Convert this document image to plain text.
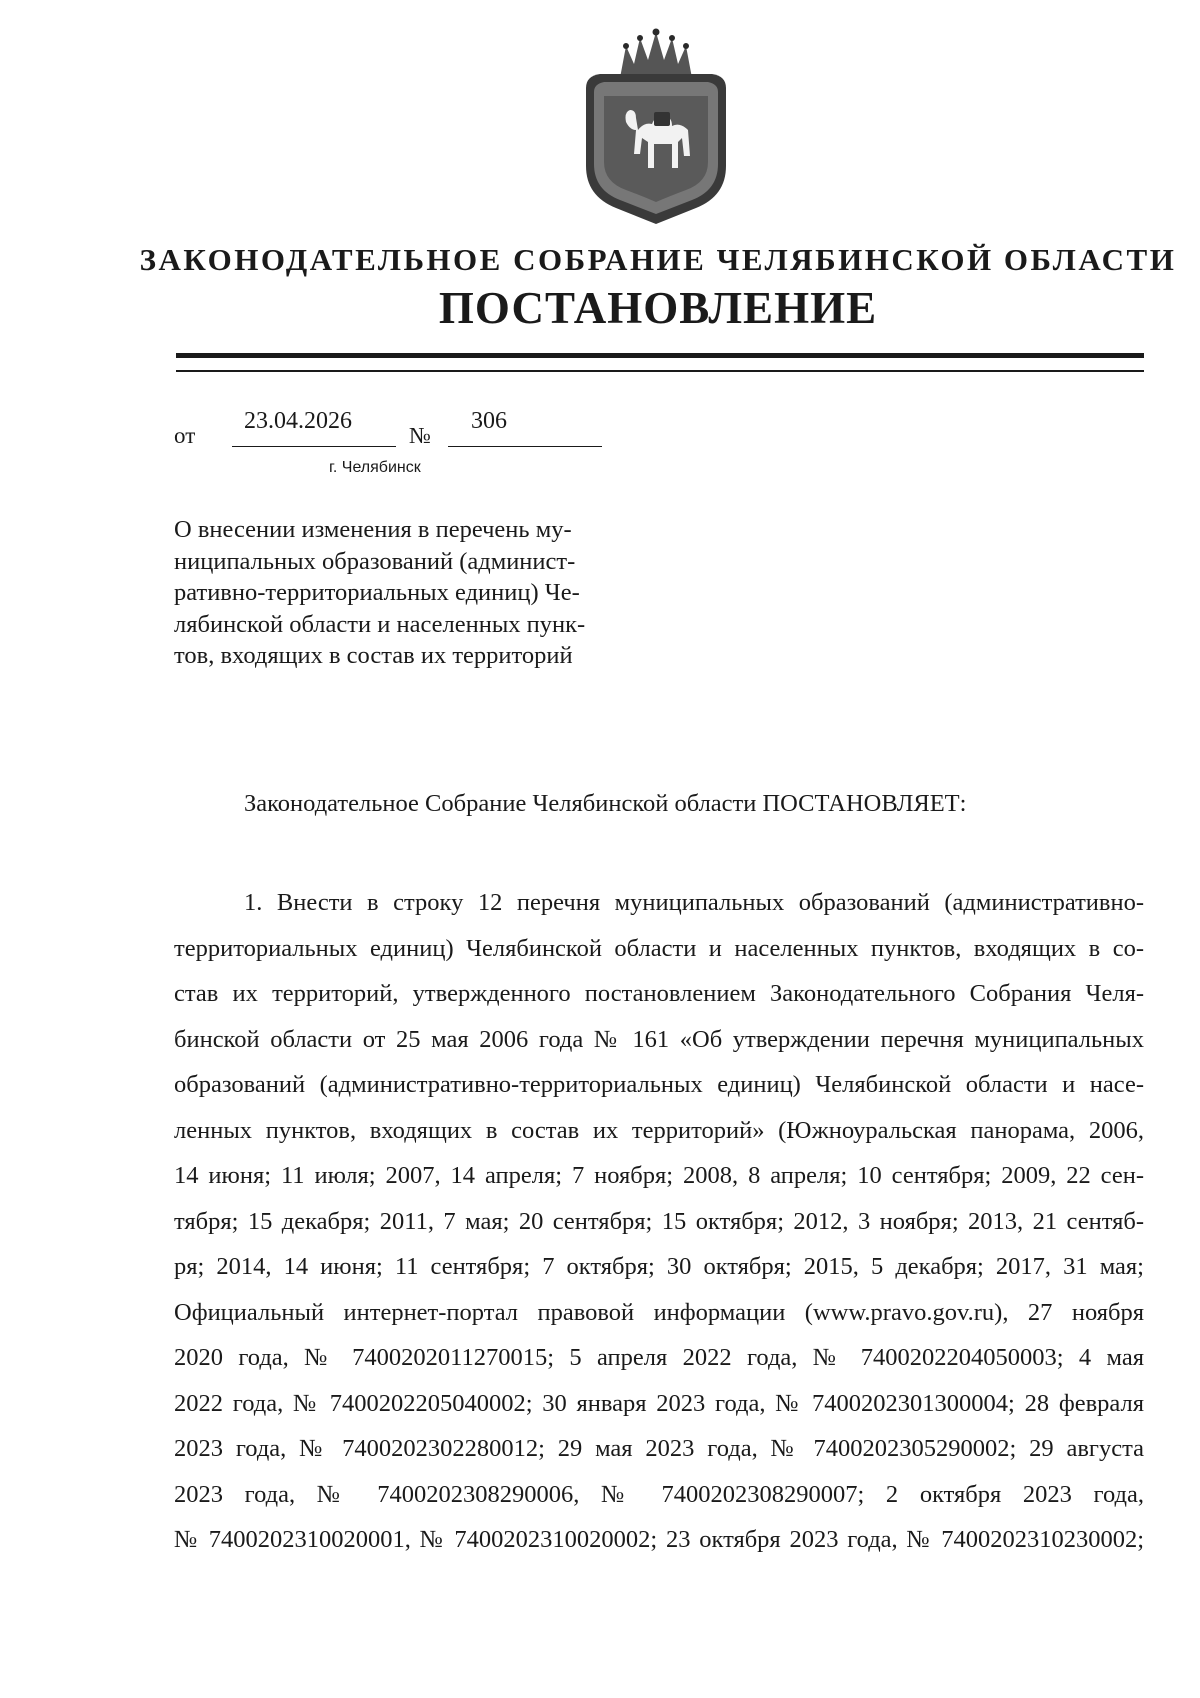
ЗАКОНОДАТЕЛЬНОЕ СОБРАНИЕ ЧЕЛЯБИНСКОЙ ОБЛАСТИ
ПОСТАНОВЛЕНИЕ
от
23.04.2026
№
306
г. Челябинск
О внесении изменения в перечень му-
ниципальных образований (админист-
ративно-территориальных единиц) Че-
лябинской области и населенных пунк-
тов, входящих в состав их территорий
Законодательное Собрание Челябинской области ПОСТАНОВЛЯЕТ:
1. Внести в строку 12 перечня муниципальных образований (административно-
территориальных единиц) Челябинской области и населенных пунктов, входящих в со-
став их территорий, утвержденного постановлением Законодательного Собрания Челя-
бинской области от 25 мая 2006 года № 161 «Об утверждении перечня муниципальных
образований (административно-территориальных единиц) Челябинской области и насе-
ленных пунктов, входящих в состав их территорий» (Южноуральская панорама, 2006,
14 июня; 11 июля; 2007, 14 апреля; 7 ноября; 2008, 8 апреля; 10 сентября; 2009, 22 сен-
тября; 15 декабря; 2011, 7 мая; 20 сентября; 15 октября; 2012, 3 ноября; 2013, 21 сентяб-
ря; 2014, 14 июня; 11 сентября; 7 октября; 30 октября; 2015, 5 декабря; 2017, 31 мая;
Официальный интернет-портал правовой информации (www.pravo.gov.ru), 27 ноября
2020 года, № 7400202011270015; 5 апреля 2022 года, № 7400202204050003; 4 мая
2022 года, № 7400202205040002; 30 января 2023 года, № 7400202301300004; 28 февраля
2023 года, № 7400202302280012; 29 мая 2023 года, № 7400202305290002; 29 августа
2023 года, № 7400202308290006, № 7400202308290007; 2 октября 2023 года,
№ 7400202310020001, № 7400202310020002; 23 октября 2023 года, № 7400202310230002;
